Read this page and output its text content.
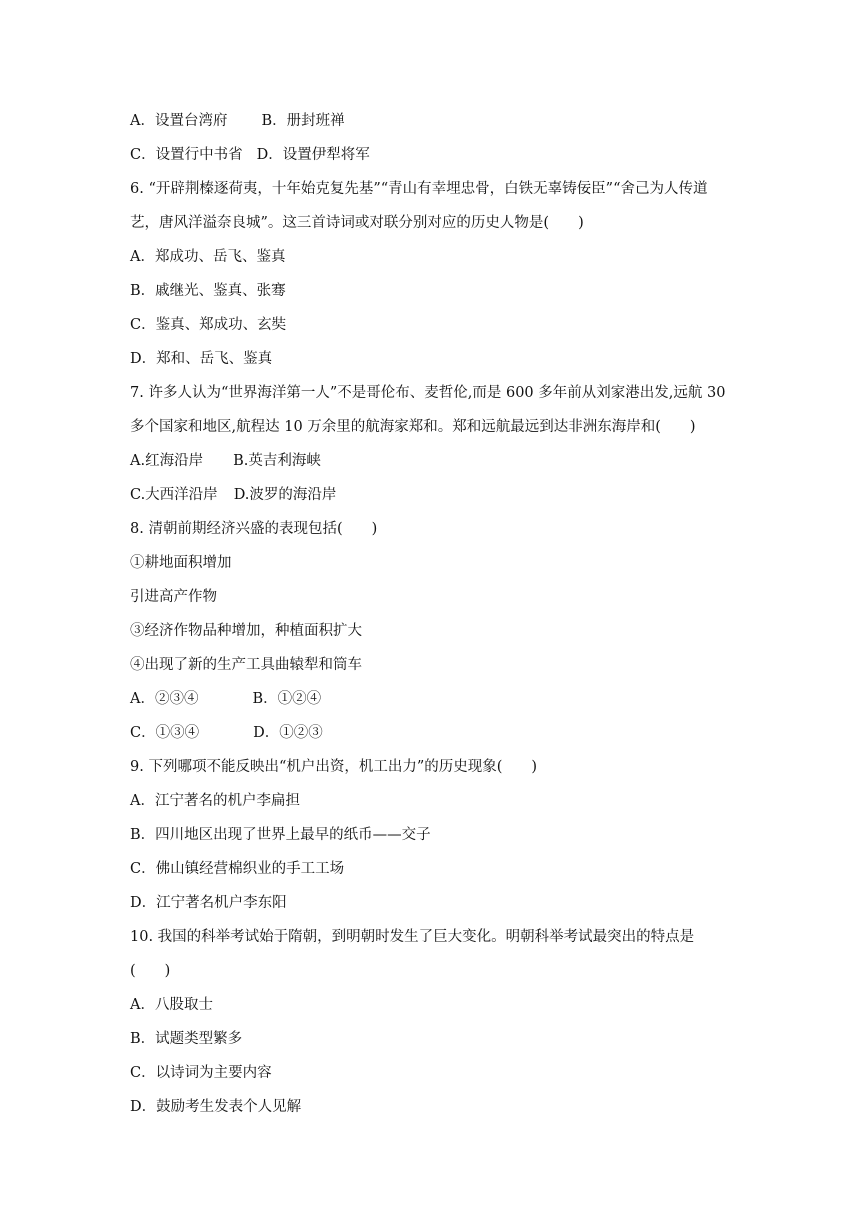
A．设置台湾府 B．册封班禅
C．设置行中书省 D．设置伊犁将军
6. “开辟荆榛逐荷夷，十年始克复先基”“青山有幸埋忠骨，白铁无辜铸佞臣”“舍己为人传道
艺，唐风洋溢奈良城”。这三首诗词或对联分别对应的历史人物是(　　)
A．郑成功、岳飞、鉴真
B．戚继光、鉴真、张骞
C．鉴真、郑成功、玄奘
D．郑和、岳飞、鉴真
7. 许多人认为“世界海洋第一人”不是哥伦布、麦哲伦,而是 600 多年前从刘家港出发,远航 30
多个国家和地区,航程达 10 万余里的航海家郑和。郑和远航最远到达非洲东海岸和(　　)
A.红海沿岸 B.英吉利海峡
C.大西洋沿岸 D.波罗的海沿岸
8. 清朝前期经济兴盛的表现包括(　　)
①耕地面积增加
引进高产作物
③经济作物品种增加，种植面积扩大
④出现了新的生产工具曲辕犁和筒车
A．②③④	B．①②④
C．①③④	D．①②③
9. 下列哪项不能反映出“机户出资，机工出力”的历史现象(　　)
A．江宁著名的机户李扁担
B．四川地区出现了世界上最早的纸币——交子
C．佛山镇经营棉织业的手工工场
D．江宁著名机户李东阳
10. 我国的科举考试始于隋朝，到明朝时发生了巨大变化。明朝科举考试最突出的特点是
(　　)
A．八股取士
B．试题类型繁多
C．以诗词为主要内容
D．鼓励考生发表个人见解
